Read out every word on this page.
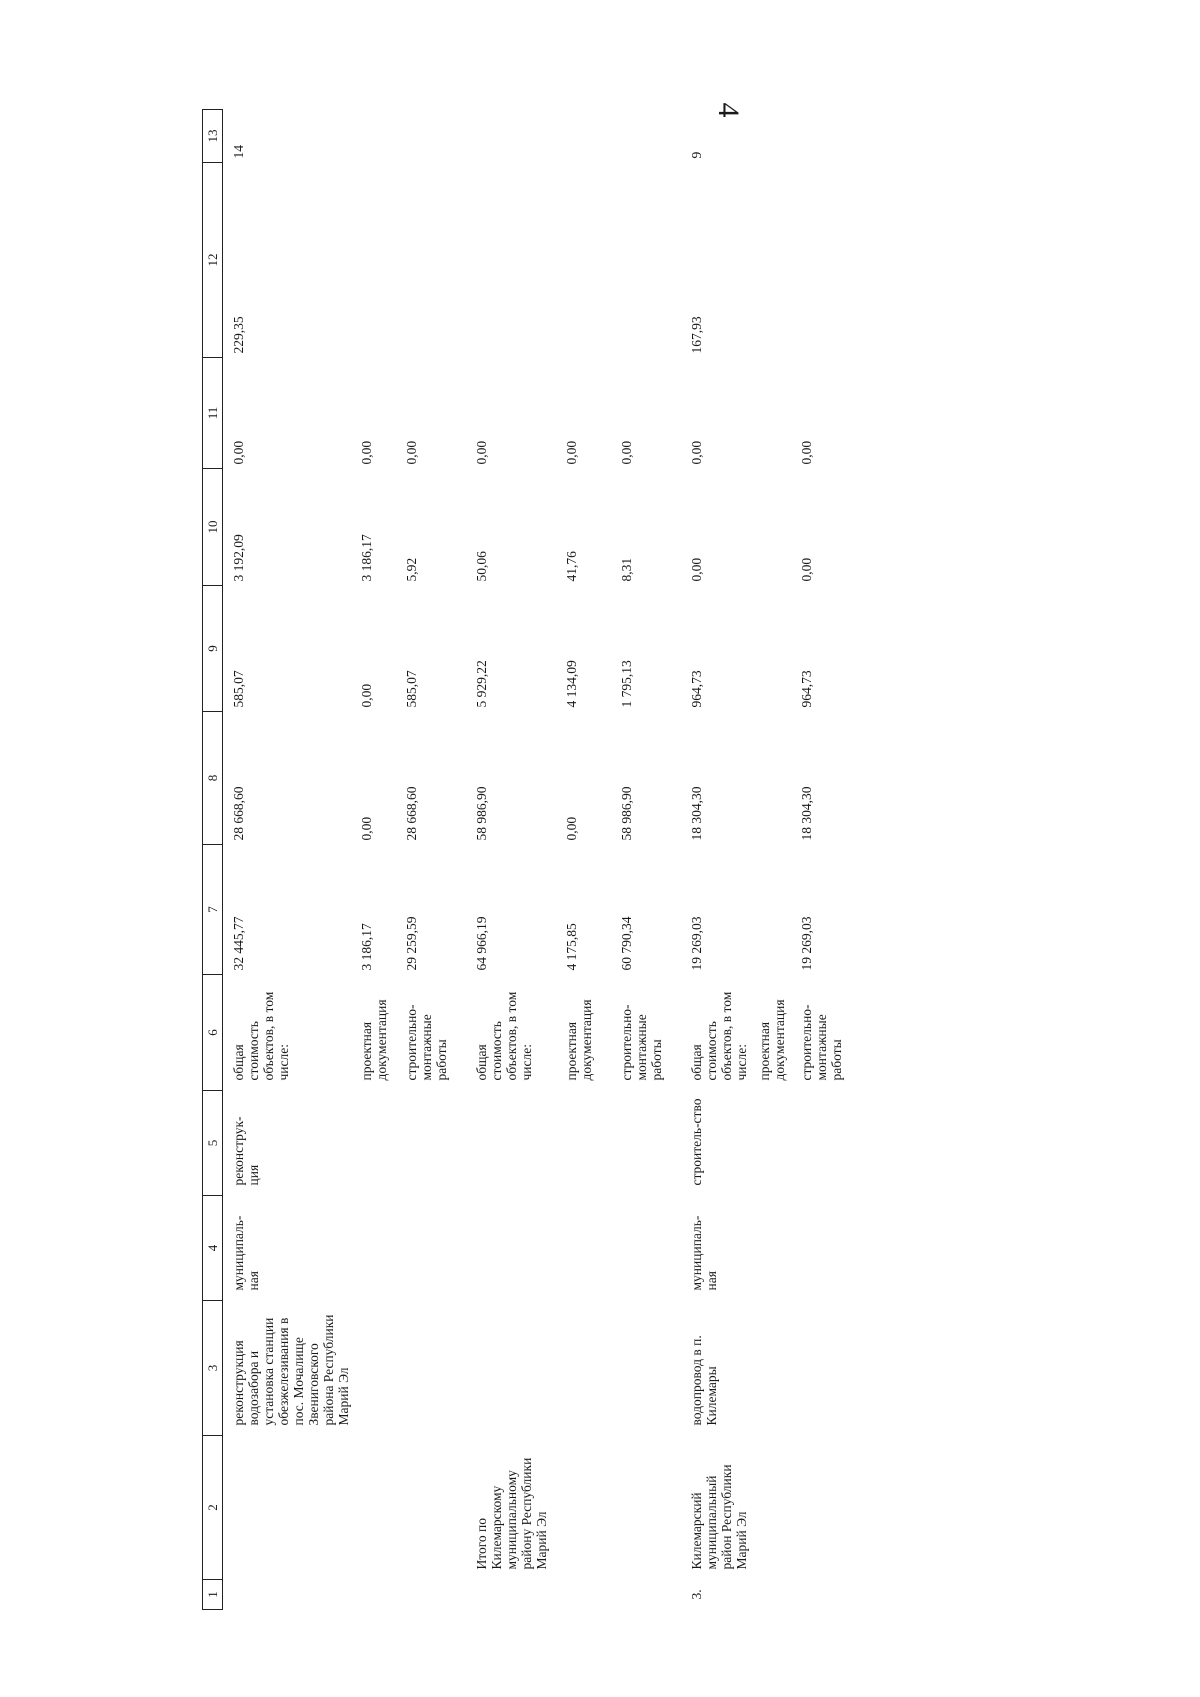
4
1	2	3	4	5	6	7	8	9	10	11	12	13
		реконструкция водозабора и установка станции обезжелезивания в пос. Мочалище Звениговского района Республики Марий Эл	муниципаль-ная	реконструк-ция	общая стоимость объектов, в том числе:	32 445,77	28 668,60	585,07	3 192,09	0,00	229,35	14
					проектная документация	3 186,17	0,00	0,00	3 186,17	0,00		
					строительно-монтажные работы	29 259,59	28 668,60	585,07	5,92	0,00		
	Итого по Килемарскому муниципальному району Республики Марий Эл				общая стоимость объектов, в том числе:	64 966,19	58 986,90	5 929,22	50,06	0,00		
					проектная документация	4 175,85	0,00	4 134,09	41,76	0,00		
					строительно-монтажные работы	60 790,34	58 986,90	1 795,13	8,31	0,00		
3.	Килемарский муниципальный район Республики Марий Эл	водопровод в п. Килемары	муниципаль-ная	строитель-ство	общая стоимость объектов, в том числе:	19 269,03	18 304,30	964,73	0,00	0,00	167,93	9
					проектная документация							
					строительно-монтажные работы	19 269,03	18 304,30	964,73	0,00	0,00		
